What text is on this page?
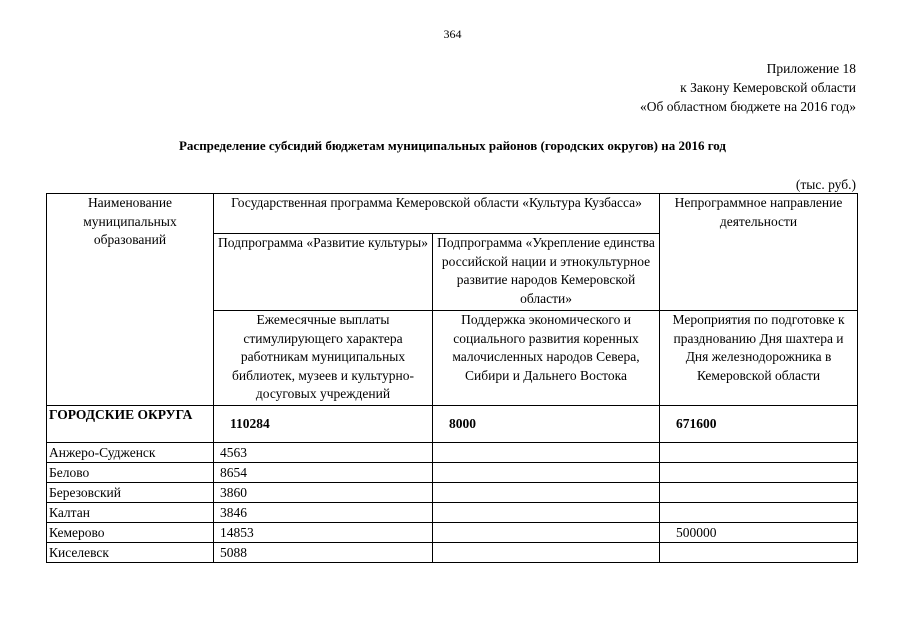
364
Приложение 18
к Закону Кемеровской области
«Об областном бюджете на 2016 год»
Распределение субсидий бюджетам муниципальных районов (городских округов) на 2016 год
(тыс. руб.)
Наименование муниципальных образований	Государственная программа Кемеровской области «Культура Кузбасса»		Непрограммное направление деятельности
	Подпрограмма «Развитие культуры»	Подпрограмма «Укрепление единства российской нации и этнокультурное развитие народов Кемеровской области»	
	Ежемесячные выплаты стимулирующего характера работникам муниципальных библиотек, музеев и культурно-досуговых учреждений	Поддержка экономического и социального развития коренных малочисленных народов Севера, Сибири и Дальнего Востока	Мероприятия по подготовке к празднованию Дня шахтера и Дня железнодорожника в Кемеровской области
ГОРОДСКИЕ ОКРУГА	110284	8000	671600
Анжеро-Судженск	4563		
Белово	8654		
Березовский	3860		
Калтан	3846		
Кемерово	14853		500000
Киселевск	5088		
